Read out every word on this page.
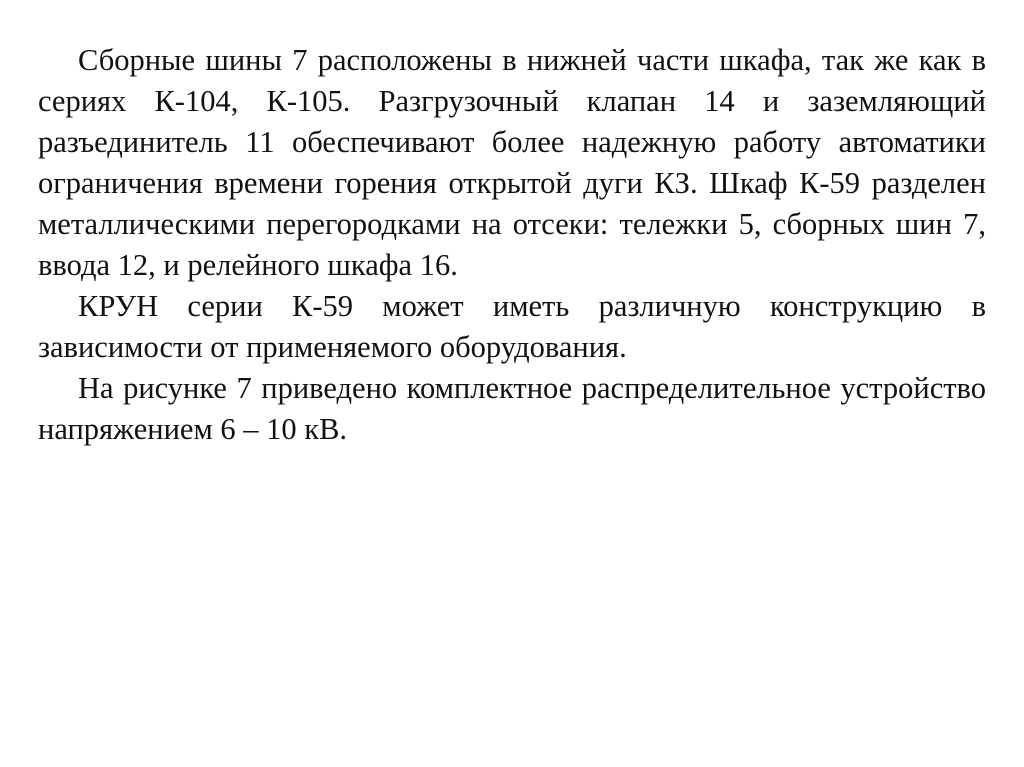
Сборные шины 7 расположены в нижней части шкафа, так же как в сериях К-104, К-105. Разгрузочный клапан 14 и заземляющий разъединитель 11 обеспечивают более надежную работу автоматики ограничения времени горения открытой дуги КЗ. Шкаф К-59 разделен металлическими перегородками на отсеки: тележки 5, сборных шин 7, ввода 12, и релейного шкафа 16.

КРУН серии К-59 может иметь различную конструкцию в зависимости от применяемого оборудования.

На рисунке 7 приведено комплектное распределительное устройство напряжением 6 – 10 кВ.
